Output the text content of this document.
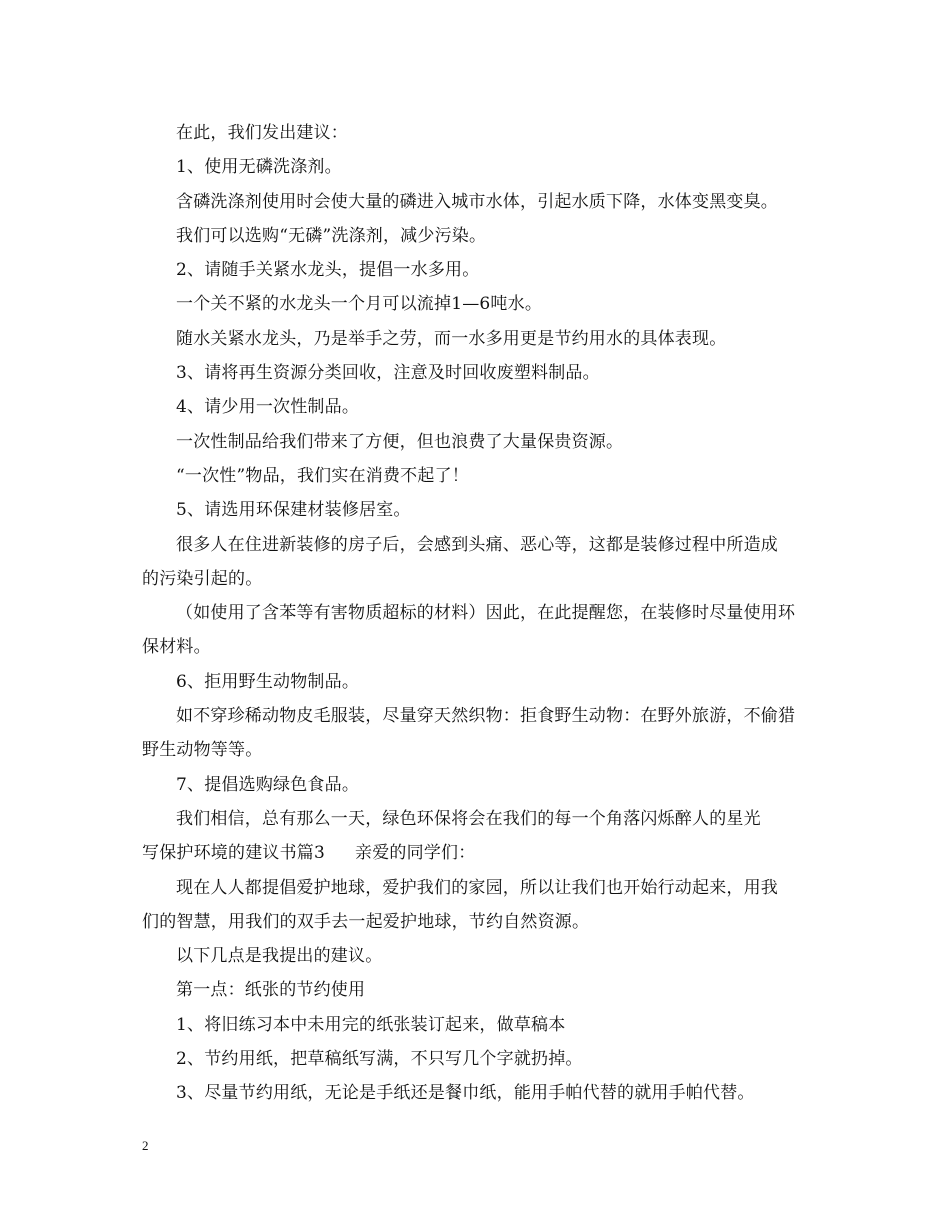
在此，我们发出建议：
1、使用无磷洗涤剂。
含磷洗涤剂使用时会使大量的磷进入城市水体，引起水质下降，水体变黑变臭。
我们可以选购“无磷”洗涤剂，减少污染。
2、请随手关紧水龙头，提倡一水多用。
一个关不紧的水龙头一个月可以流掉1—6吨水。
随水关紧水龙头，乃是举手之劳，而一水多用更是节约用水的具体表现。
3、请将再生资源分类回收，注意及时回收废塑料制品。
4、请少用一次性制品。
一次性制品给我们带来了方便，但也浪费了大量保贵资源。
“一次性”物品，我们实在消费不起了！
5、请选用环保建材装修居室。
很多人在住进新装修的房子后，会感到头痛、恶心等，这都是装修过程中所造成
的污染引起的。
（如使用了含苯等有害物质超标的材料）因此，在此提醒您，在装修时尽量使用环
保材料。
6、拒用野生动物制品。
如不穿珍稀动物皮毛服装，尽量穿天然织物：拒食野生动物：在野外旅游，不偷猎
野生动物等等。
7、提倡选购绿色食品。
我们相信，总有那么一天，绿色环保将会在我们的每一个角落闪烁醉人的星光
写保护环境的建议书篇3 亲爱的同学们：
现在人人都提倡爱护地球，爱护我们的家园，所以让我们也开始行动起来，用我
们的智慧，用我们的双手去一起爱护地球，节约自然资源。
以下几点是我提出的建议。
第一点：纸张的节约使用
1、将旧练习本中未用完的纸张装订起来，做草稿本
2、节约用纸，把草稿纸写满，不只写几个字就扔掉。
3、尽量节约用纸，无论是手纸还是餐巾纸，能用手帕代替的就用手帕代替。
2
